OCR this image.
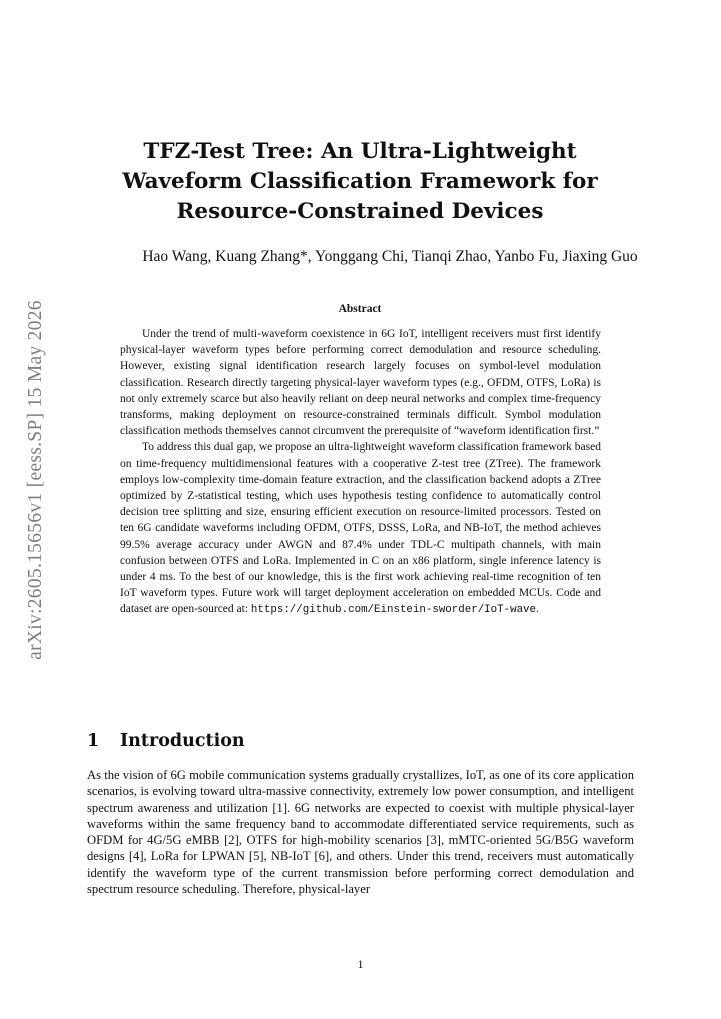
arXiv:2605.15656v1 [eess.SP] 15 May 2026
TFZ-Test Tree: An Ultra-Lightweight
Waveform Classification Framework for
Resource-Constrained Devices
Hao Wang, Kuang Zhang*, Yonggang Chi, Tianqi Zhao, Yanbo Fu, Jiaxing Guo
Abstract

Under the trend of multi-waveform coexistence in 6G IoT, intelligent receivers must first identify physical-layer waveform types before performing correct demodulation and resource scheduling. However, existing signal identification research largely focuses on symbol-level modulation classification. Research directly targeting physical-layer waveform types (e.g., OFDM, OTFS, LoRa) is not only extremely scarce but also heavily reliant on deep neural networks and complex time-frequency transforms, making deployment on resource-constrained terminals difficult. Symbol modulation classification methods themselves cannot circumvent the prerequisite of “waveform identification first.”

To address this dual gap, we propose an ultra-lightweight waveform classification framework based on time-frequency multidimensional features with a cooperative Z-test tree (ZTree). The framework employs low-complexity time-domain feature extraction, and the classification backend adopts a ZTree optimized by Z-statistical testing, which uses hypothesis testing confidence to automatically control decision tree splitting and size, ensuring efficient execution on resource-limited processors. Tested on ten 6G candidate waveforms including OFDM, OTFS, DSSS, LoRa, and NB-IoT, the method achieves 99.5% average accuracy under AWGN and 87.4% under TDL-C multipath channels, with main confusion between OTFS and LoRa. Implemented in C on an x86 platform, single inference latency is under 4 ms. To the best of our knowledge, this is the first work achieving real-time recognition of ten IoT waveform types. Future work will target deployment acceleration on embedded MCUs. Code and dataset are open-sourced at: https://github.com/Einstein-sworder/IoT-wave.

1 Introduction

As the vision of 6G mobile communication systems gradually crystallizes, IoT, as one of its core application scenarios, is evolving toward ultra-massive connectivity, extremely low power consumption, and intelligent spectrum awareness and utilization [1]. 6G networks are expected to coexist with multiple physical-layer waveforms within the same frequency band to accommodate differentiated service requirements, such as OFDM for 4G/5G eMBB [2], OTFS for high-mobility scenarios [3], mMTC-oriented 5G/B5G waveform designs [4], LoRa for LPWAN [5], NB-IoT [6], and others. Under this trend, receivers must automatically identify the waveform type of the current transmission before performing correct demodulation and spectrum resource scheduling. Therefore, physical-layer

1
